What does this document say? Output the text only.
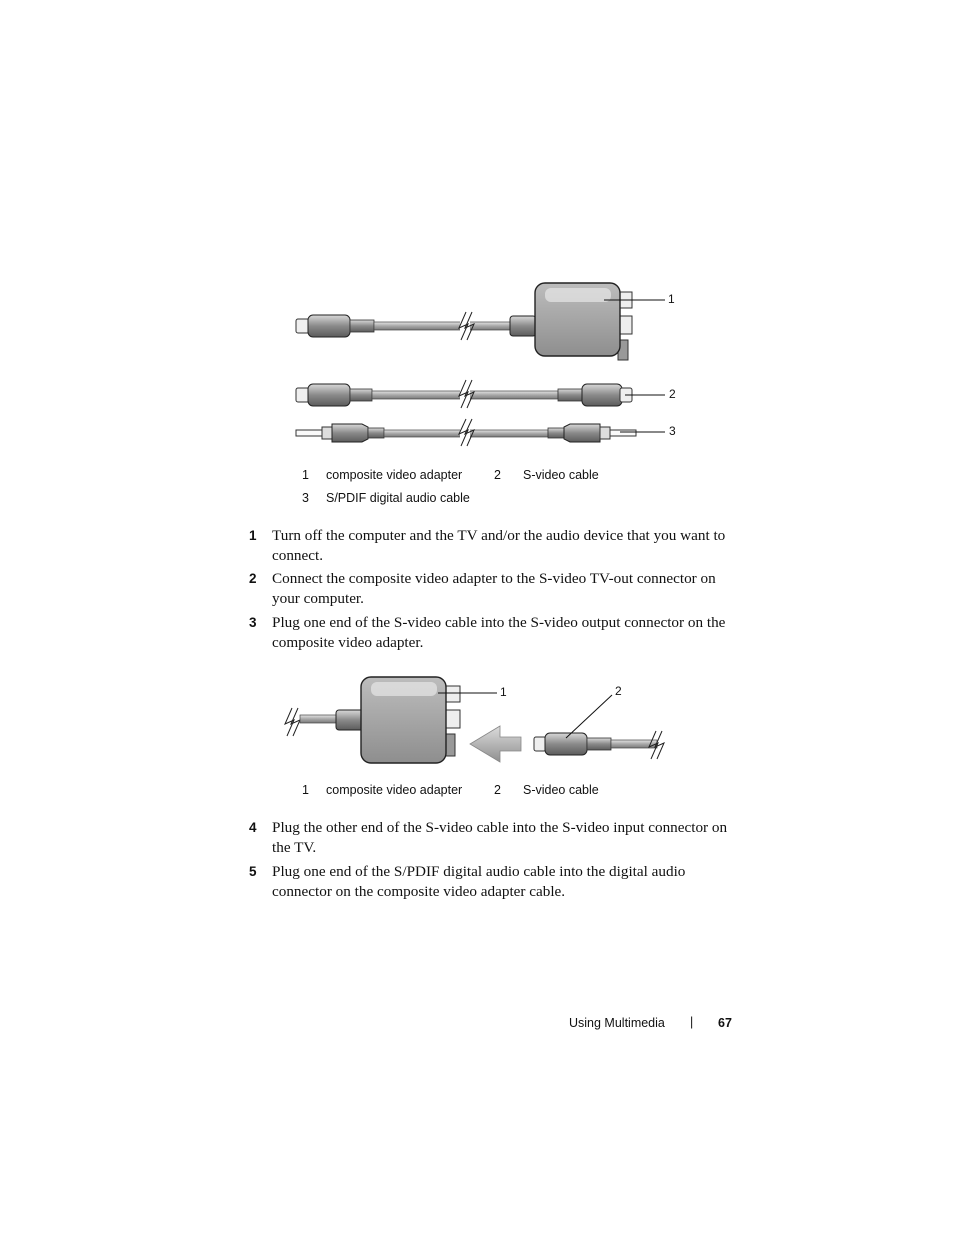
1
2
3
1 composite video adapter	2 S-video cable
3 S/PDIF digital audio cable
1 Turn off the computer and the TV and/or the audio device that you want to connect.
2 Connect the composite video adapter to the S-video TV-out connector on your computer.
3 Plug one end of the S-video cable into the S-video output connector on the composite video adapter.
1	2
1 composite video adapter	2 S-video cable
4 Plug the other end of the S-video cable into the S-video input connector on the TV.
5 Plug one end of the S/PDIF digital audio cable into the digital audio connector on the composite video adapter cable.
Using Multimedia | 67
